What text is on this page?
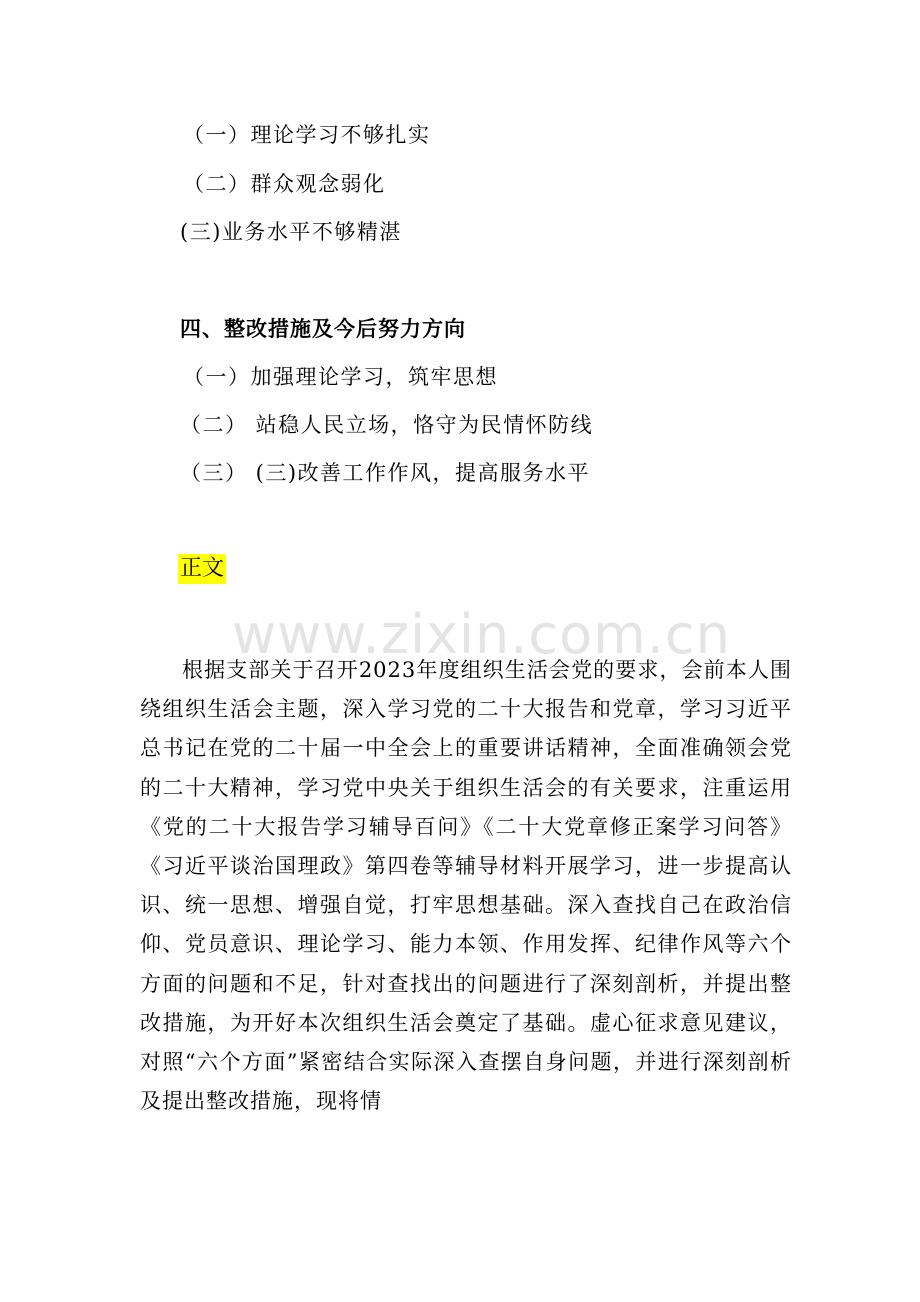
（一）理论学习不够扎实
（二）群众观念弱化
(三)业务水平不够精湛
四、整改措施及今后努力方向
（一）加强理论学习，筑牢思想
（二） 站稳人民立场，恪守为民情怀防线
（三） (三)改善工作作风，提高服务水平
正文
www.zixin.com.cn
根据支部关于召开2023年度组织生活会党的要求，会前本人围绕组织生活会主题，深入学习党的二十大报告和党章，学习习近平总书记在党的二十届一中全会上的重要讲话精神，全面准确领会党的二十大精神，学习党中央关于组织生活会的有关要求，注重运用《党的二十大报告学习辅导百问》《二十大党章修正案学习问答》《习近平谈治国理政》第四卷等辅导材料开展学习，进一步提高认识、统一思想、增强自觉，打牢思想基础。深入查找自己在政治信仰、党员意识、理论学习、能力本领、作用发挥、纪律作风等六个方面的问题和不足，针对查找出的问题进行了深刻剖析，并提出整改措施，为开好本次组织生活会奠定了基础。虚心征求意见建议，对照“六个方面”紧密结合实际深入查摆自身问题，并进行深刻剖析及提出整改措施，现将情
